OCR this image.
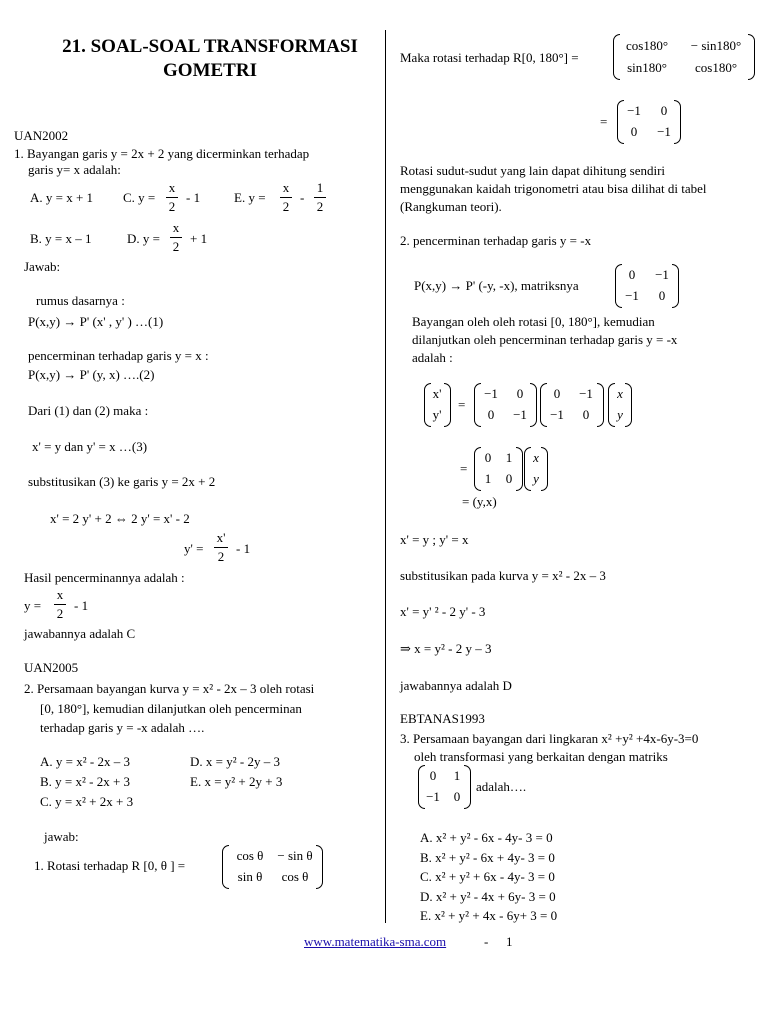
21. SOAL-SOAL TRANSFORMASI
GOMETRI
UAN2002
1. Bayangan garis y = 2x + 2 yang dicerminkan terhadap
garis y= x adalah:
A. y = x + 1 C. y =
x
2
- 1	E. y =
x
2
-
1
2
B. y = x – 1	D. y =
x
2
+ 1
Jawab:
rumus dasarnya :
P(x,y) → P' (x' , y' ) …(1)
pencerminan terhadap garis y = x :
P(x,y) → P' (y, x) ….(2)
Dari (1) dan (2) maka :
x' = y dan y' = x …(3)
substitusikan (3) ke garis y = 2x + 2
x' = 2 y' + 2 ⇔ 2 y' = x' - 2
y' =
x'
2
- 1
Hasil pencerminannya adalah :
y =
x
2
- 1
jawabannya adalah C
UAN2005
2. Persamaan bayangan kurva y = x² - 2x – 3 oleh rotasi
[0, 180°], kemudian dilanjutkan oleh pencerminan
terhadap garis y = -x adalah ….
A. y = x² - 2x – 3	D. x = y² - 2y – 3
B. y = x² - 2x + 3	E. x = y² + 2y + 3
C. y = x² + 2x + 3
jawab:
1. Rotasi terhadap R [0, θ ] =
cos θ	− sin θ
sin θ	cos θ
Maka rotasi terhadap R[0, 180°] =
cos180°	− sin180°
sin180°	cos180°
=
−1	0
0	−1
Rotasi sudut-sudut yang lain dapat dihitung sendiri
menggunakan kaidah trigonometri atau bisa dilihat di tabel
(Rangkuman teori).
2. pencerminan terhadap garis y = -x
P(x,y) → P' (-y, -x), matriksnya
0	−1
−1	0
Bayangan oleh oleh rotasi [0, 180°], kemudian
dilanjutkan oleh pencerminan terhadap garis y = -x
adalah :
x'
y'
=
−1	0
0	−1
0	−1
−1	0
x
y
=
0	1
1	0
x
y
= (y,x)
x' = y ; y' = x
substitusikan pada kurva y = x² - 2x – 3
x' = y' ² - 2 y' - 3
⇒ x = y² - 2 y – 3
jawabannya adalah D
EBTANAS1993
3. Persamaan bayangan dari lingkaran x² +y² +4x-6y-3=0
oleh transformasi yang berkaitan dengan matriks
0	1
−1	0
adalah….
A. x² + y² - 6x - 4y- 3 = 0
B. x² + y² - 6x + 4y- 3 = 0
C. x² + y² + 6x - 4y- 3 = 0
D. x² + y² - 4x + 6y- 3 = 0
E. x² + y² + 4x - 6y+ 3 = 0
www.matematika-sma.com	- 1
